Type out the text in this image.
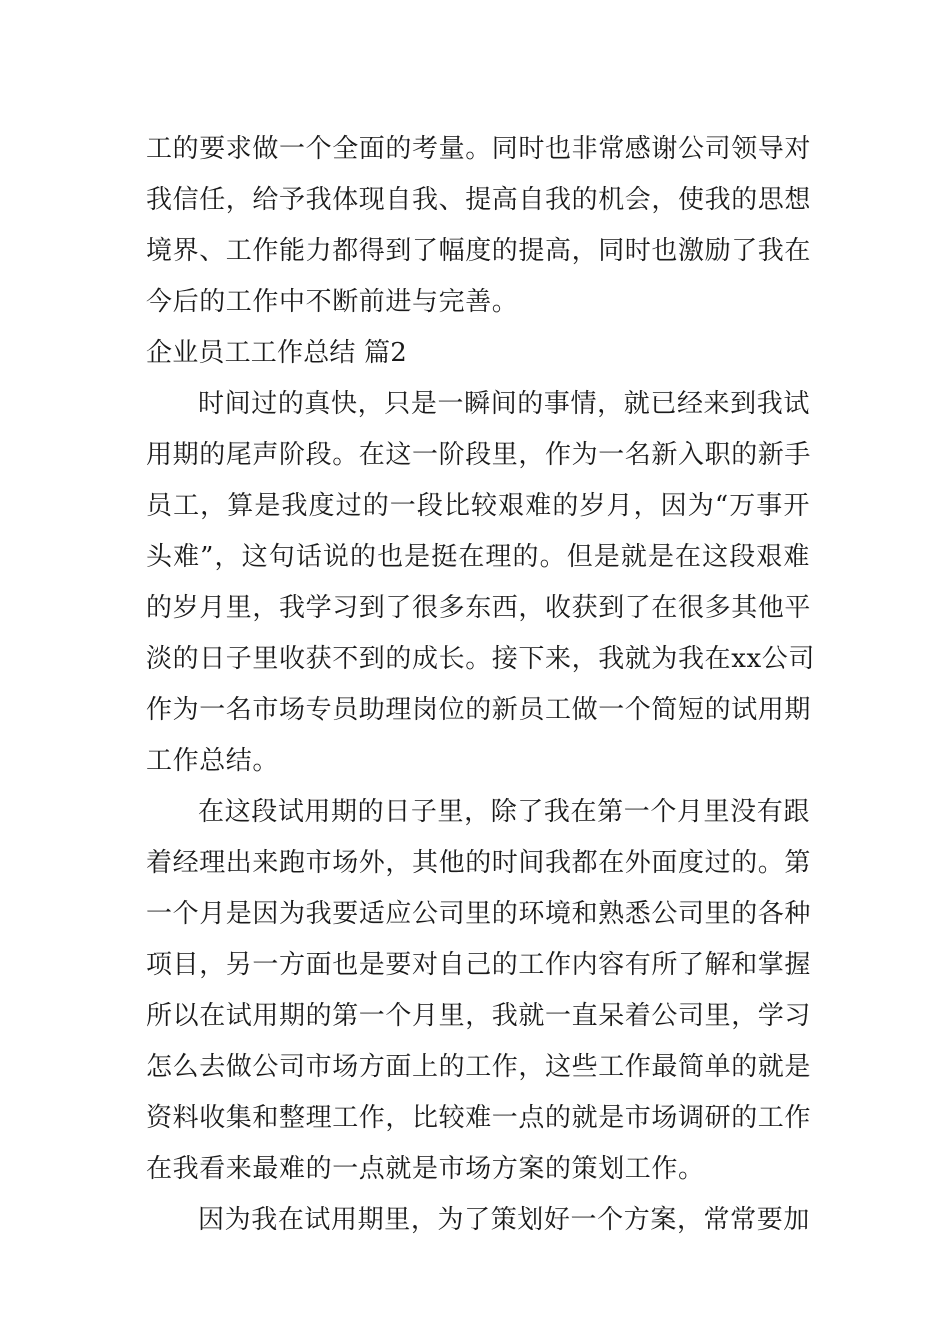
工的要求做一个全面的考量。同时也非常感谢公司领导对
我信任，给予我体现自我、提高自我的机会，使我的思想
境界、工作能力都得到了幅度的提高，同时也激励了我在
今后的工作中不断前进与完善。
企业员工工作总结 篇2
时间过的真快，只是一瞬间的事情，就已经来到我试
用期的尾声阶段。在这一阶段里，作为一名新入职的新手
员工，算是我度过的一段比较艰难的岁月，因为“万事开
头难”，这句话说的也是挺在理的。但是就是在这段艰难
的岁月里，我学习到了很多东西，收获到了在很多其他平
淡的日子里收获不到的成长。接下来，我就为我在xx公司
作为一名市场专员助理岗位的新员工做一个简短的试用期
工作总结。
在这段试用期的日子里，除了我在第一个月里没有跟
着经理出来跑市场外，其他的时间我都在外面度过的。第
一个月是因为我要适应公司里的环境和熟悉公司里的各种
项目，另一方面也是要对自己的工作内容有所了解和掌握
所以在试用期的第一个月里，我就一直呆着公司里，学习
怎么去做公司市场方面上的工作，这些工作最简单的就是
资料收集和整理工作，比较难一点的就是市场调研的工作
在我看来最难的一点就是市场方案的策划工作。
因为我在试用期里，为了策划好一个方案，常常要加
